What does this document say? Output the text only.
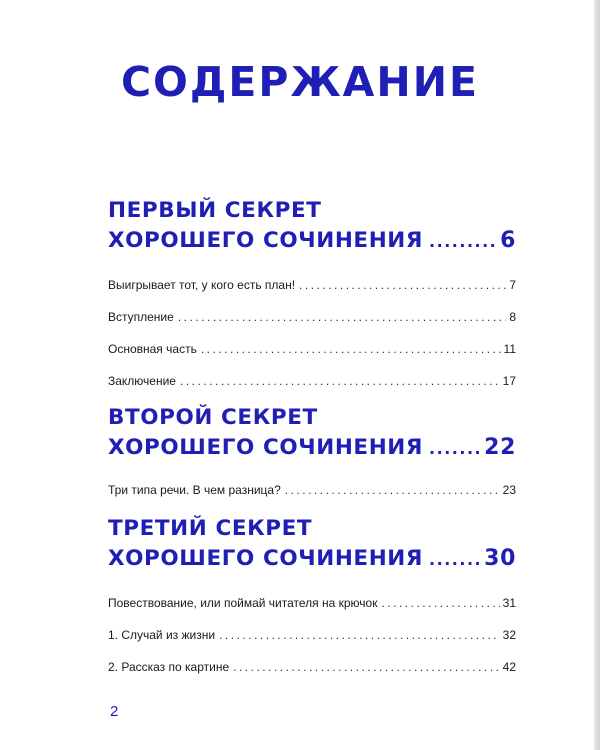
СОДЕРЖАНИЕ
ПЕРВЫЙ СЕКРЕТ
ХОРОШЕГО СОЧИНЕНИЯ .....	6
Выигрывает тот, у кого есть план! .....	7
Вступление .....	8
Основная часть .....	11
Заключение .....	17
ВТОРОЙ СЕКРЕТ
ХОРОШЕГО СОЧИНЕНИЯ .....	22
Три типа речи. В чем разница? .....	23
ТРЕТИЙ СЕКРЕТ
ХОРОШЕГО СОЧИНЕНИЯ .....	30
Повествование, или поймай читателя на крючок .....	31
1. Случай из жизни .....	32
2. Рассказ по картине .....	42
2
